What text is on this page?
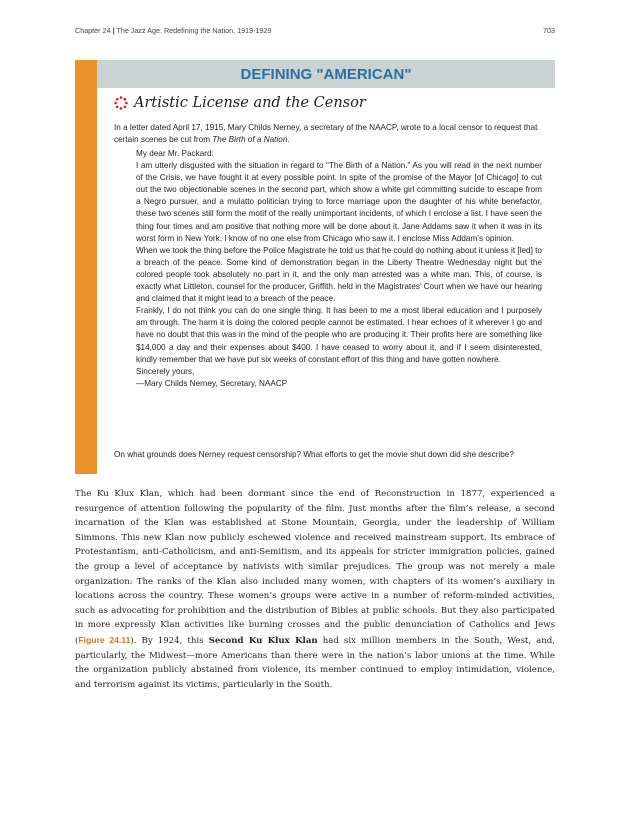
Chapter 24 | The Jazz Age: Redefining the Nation, 1919-1929	703
DEFINING "AMERICAN"
Artistic License and the Censor
In a letter dated April 17, 1915, Mary Childs Nerney, a secretary of the NAACP, wrote to a local censor to request that certain scenes be cut from The Birth of a Nation.

My dear Mr. Packard:

I am utterly disgusted with the situation in regard to “The Birth of a Nation.” As you will read in the next number of the Crisis, we have fought it at every possible point. In spite of the promise of the Mayor [of Chicago] to cut out the two objectionable scenes in the second part, which show a white girl committing suicide to escape from a Negro pursuer, and a mulatto politician trying to force marriage upon the daughter of his white benefactor, these two scenes still form the motif of the really unimportant incidents, of which I enclose a list. I have seen the thing four times and am positive that nothing more will be done about it. Jane Addams saw it when it was in its worst form in New York. I know of no one else from Chicago who saw it. I enclose Miss Addam’s opinion.

When we took the thing before the Police Magistrate he told us that he could do nothing about it unless it [led] to a breach of the peace. Some kind of demonstration began in the Liberty Theatre Wednesday night but the colored people took absolutely no part in it, and the only man arrested was a white man. This, of course, is exactly what Littleton, counsel for the producer, Griffith. held in the Magistrates’ Court when we have our hearing and claimed that it might lead to a breach of the peace.

Frankly, I do not think you can do one single thing. It has been to me a most liberal education and I purposely am through. The harm it is doing the colored people cannot be estimated. I hear echoes of it wherever I go and have no doubt that this was in the mind of the people who are producing it. Their profits here are something like $14,000 a day and their expenses about $400. I have ceased to worry about it, and if I seem disinterested, kindly remember that we have put six weeks of constant effort of this thing and have gotten nowhere.

Sincerely yours,

—Mary Childs Nerney, Secretary, NAACP

On what grounds does Nerney request censorship? What efforts to get the movie shut down did she describe?
The Ku Klux Klan, which had been dormant since the end of Reconstruction in 1877, experienced a resurgence of attention following the popularity of the film. Just months after the film’s release, a second incarnation of the Klan was established at Stone Mountain, Georgia, under the leadership of William Simmons. This new Klan now publicly eschewed violence and received mainstream support. Its embrace of Protestantism, anti-Catholicism, and anti-Semitism, and its appeals for stricter immigration policies, gained the group a level of acceptance by nativists with similar prejudices. The group was not merely a male organization: The ranks of the Klan also included many women, with chapters of its women’s auxiliary in locations across the country. These women’s groups were active in a number of reform-minded activities, such as advocating for prohibition and the distribution of Bibles at public schools. But they also participated in more expressly Klan activities like burning crosses and the public denunciation of Catholics and Jews (Figure 24.11). By 1924, this Second Ku Klux Klan had six million members in the South, West, and, particularly, the Midwest—more Americans than there were in the nation’s labor unions at the time. While the organization publicly abstained from violence, its member continued to employ intimidation, violence, and terrorism against its victims, particularly in the South.
